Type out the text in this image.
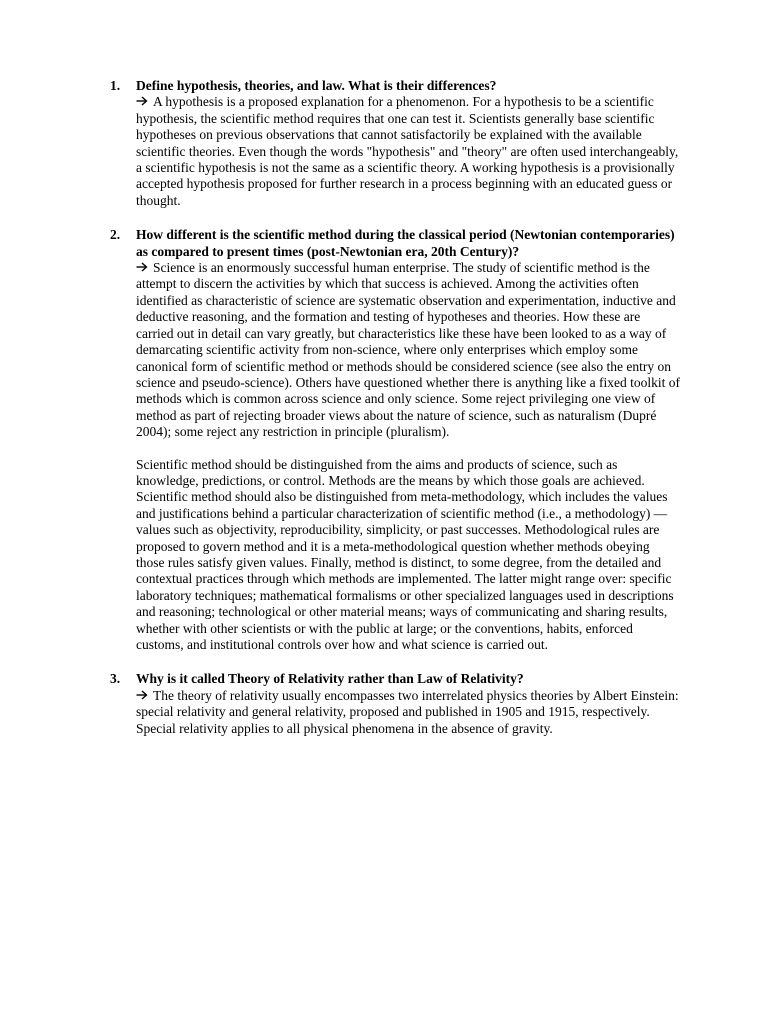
1. Define hypothesis, theories, and law. What is their differences?

A hypothesis is a proposed explanation for a phenomenon. For a hypothesis to be a scientific hypothesis, the scientific method requires that one can test it. Scientists generally base scientific hypotheses on previous observations that cannot satisfactorily be explained with the available scientific theories. Even though the words "hypothesis" and "theory" are often used interchangeably, a scientific hypothesis is not the same as a scientific theory. A working hypothesis is a provisionally accepted hypothesis proposed for further research in a process beginning with an educated guess or thought.

2. How different is the scientific method during the classical period (Newtonian contemporaries) as compared to present times (post-Newtonian era, 20th Century)?

Science is an enormously successful human enterprise. The study of scientific method is the attempt to discern the activities by which that success is achieved. Among the activities often identified as characteristic of science are systematic observation and experimentation, inductive and deductive reasoning, and the formation and testing of hypotheses and theories. How these are carried out in detail can vary greatly, but characteristics like these have been looked to as a way of demarcating scientific activity from non-science, where only enterprises which employ some canonical form of scientific method or methods should be considered science (see also the entry on science and pseudo-science). Others have questioned whether there is anything like a fixed toolkit of methods which is common across science and only science. Some reject privileging one view of method as part of rejecting broader views about the nature of science, such as naturalism (Dupré 2004); some reject any restriction in principle (pluralism).

Scientific method should be distinguished from the aims and products of science, such as knowledge, predictions, or control. Methods are the means by which those goals are achieved. Scientific method should also be distinguished from meta-methodology, which includes the values and justifications behind a particular characterization of scientific method (i.e., a methodology) — values such as objectivity, reproducibility, simplicity, or past successes. Methodological rules are proposed to govern method and it is a meta-methodological question whether methods obeying those rules satisfy given values. Finally, method is distinct, to some degree, from the detailed and contextual practices through which methods are implemented. The latter might range over: specific laboratory techniques; mathematical formalisms or other specialized languages used in descriptions and reasoning; technological or other material means; ways of communicating and sharing results, whether with other scientists or with the public at large; or the conventions, habits, enforced customs, and institutional controls over how and what science is carried out.

3. Why is it called Theory of Relativity rather than Law of Relativity?

The theory of relativity usually encompasses two interrelated physics theories by Albert Einstein: special relativity and general relativity, proposed and published in 1905 and 1915, respectively. Special relativity applies to all physical phenomena in the absence of gravity.
